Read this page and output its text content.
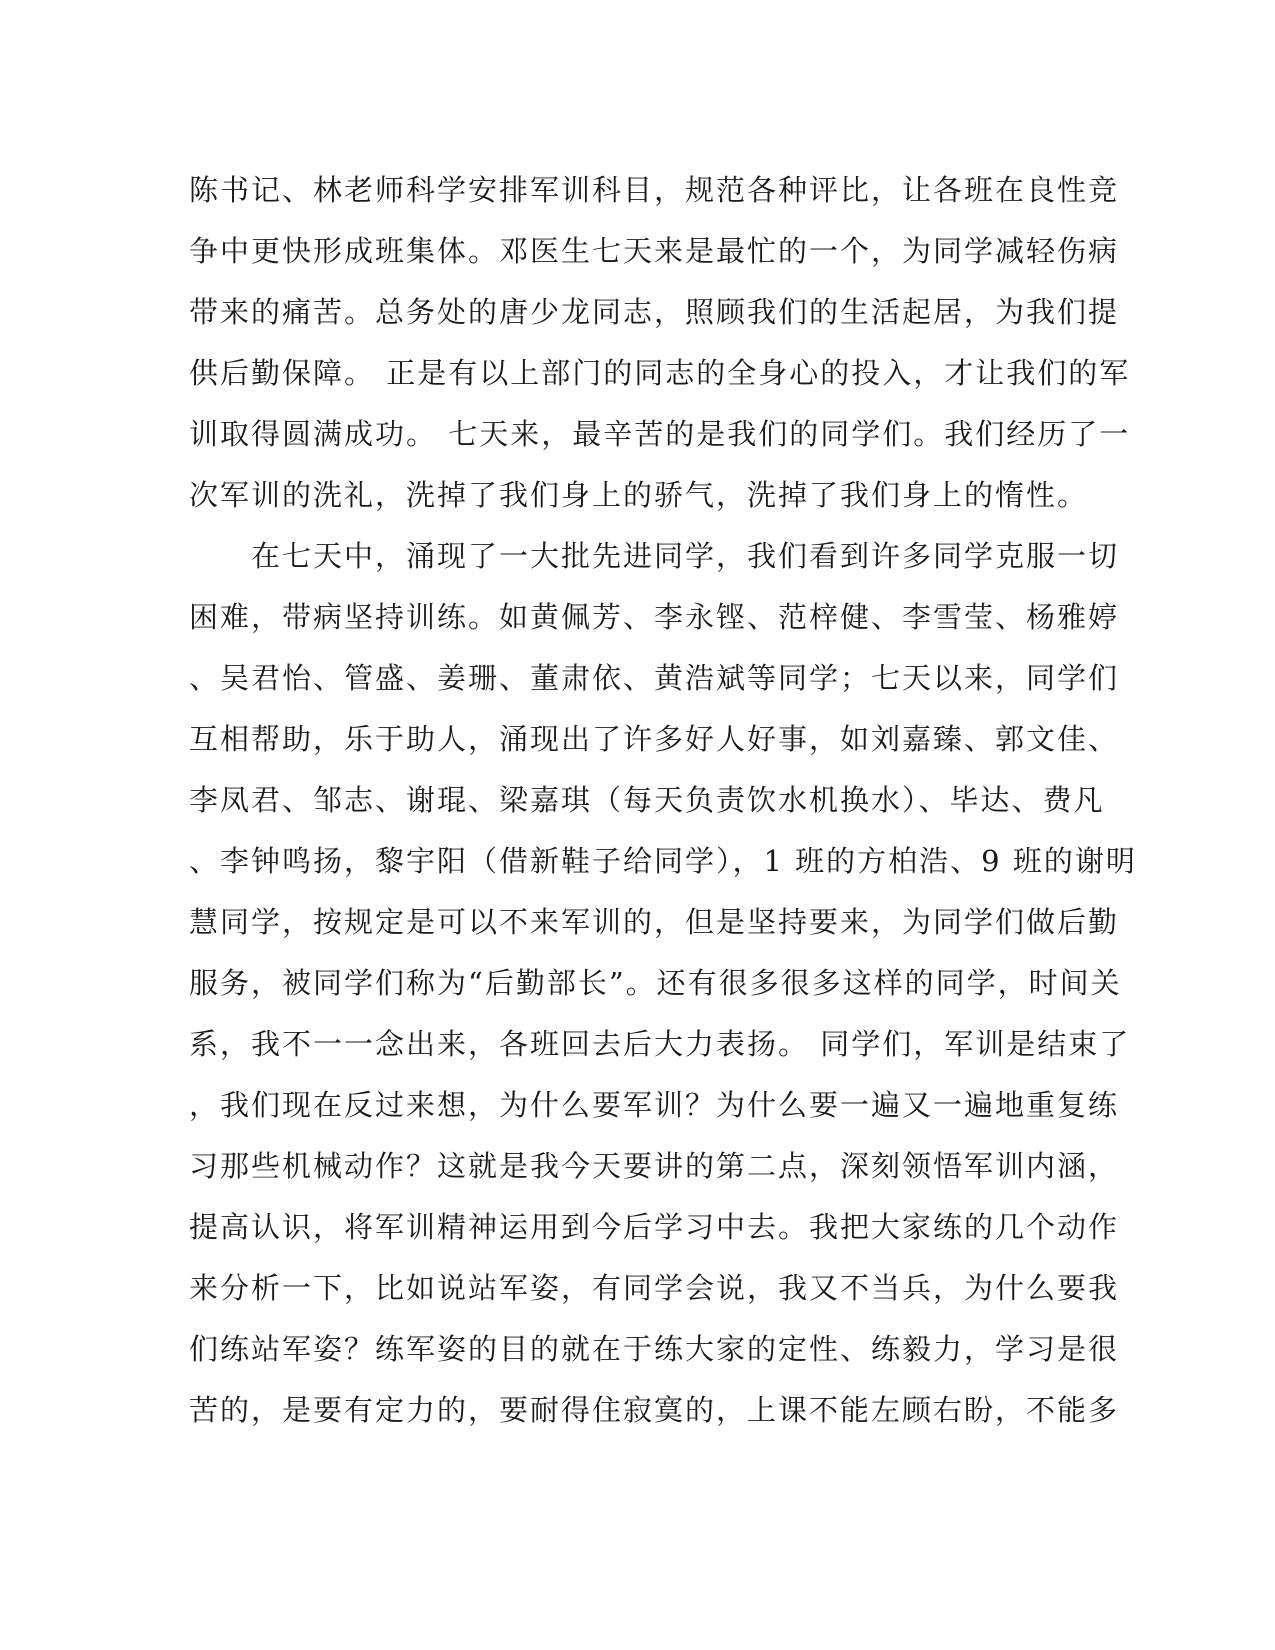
陈书记、林老师科学安排军训科目，规范各种评比，让各班在良性竞
争中更快形成班集体。邓医生七天来是最忙的一个，为同学减轻伤病
带来的痛苦。总务处的唐少龙同志，照顾我们的生活起居，为我们提
供后勤保障。 正是有以上部门的同志的全身心的投入，才让我们的军
训取得圆满成功。 七天来，最辛苦的是我们的同学们。我们经历了一
次军训的洗礼，洗掉了我们身上的骄气，洗掉了我们身上的惰性。
　　在七天中，涌现了一大批先进同学，我们看到许多同学克服一切
困难，带病坚持训练。如黄佩芳、李永铿、范梓健、李雪莹、杨雅婷
、吴君怡、管盛、姜珊、董肃依、黄浩斌等同学；七天以来，同学们
互相帮助，乐于助人，涌现出了许多好人好事，如刘嘉臻、郭文佳、
李凤君、邹志、谢琨、梁嘉琪（每天负责饮水机换水）、毕达、费凡
、李钟鸣扬，黎宇阳（借新鞋子给同学），1 班的方柏浩、9 班的谢明
慧同学，按规定是可以不来军训的，但是坚持要来，为同学们做后勤
服务，被同学们称为“后勤部长”。还有很多很多这样的同学，时间关
系，我不一一念出来，各班回去后大力表扬。 同学们，军训是结束了
，我们现在反过来想，为什么要军训？为什么要一遍又一遍地重复练
习那些机械动作？这就是我今天要讲的第二点，深刻领悟军训内涵，
提高认识，将军训精神运用到今后学习中去。我把大家练的几个动作
来分析一下，比如说站军姿，有同学会说，我又不当兵，为什么要我
们练站军姿？练军姿的目的就在于练大家的定性、练毅力，学习是很
苦的，是要有定力的，要耐得住寂寞的，上课不能左顾右盼，不能多
